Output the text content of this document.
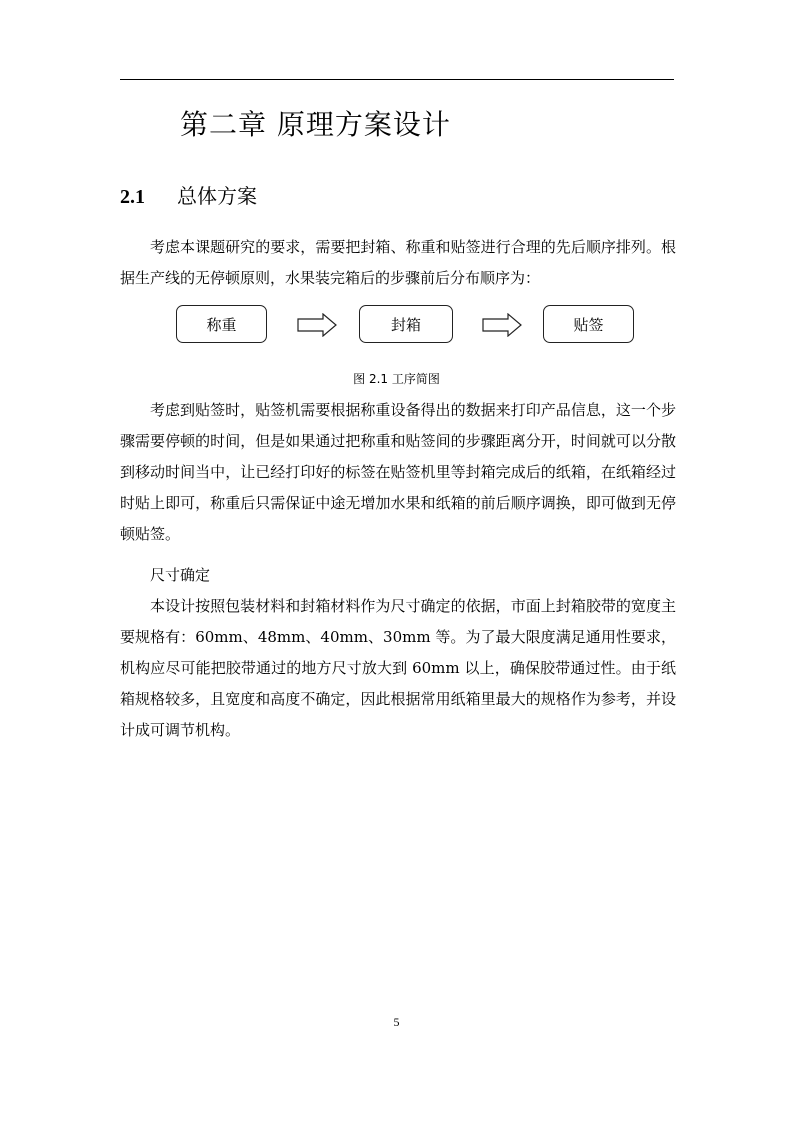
第二章 原理方案设计
2.1 总体方案
考虑本课题研究的要求，需要把封箱、称重和贴签进行合理的先后顺序排列。根据生产线的无停顿原则，水果装完箱后的步骤前后分布顺序为：
称重	封箱	贴签
图 2.1 工序简图
考虑到贴签时，贴签机需要根据称重设备得出的数据来打印产品信息，这一个步骤需要停顿的时间，但是如果通过把称重和贴签间的步骤距离分开，时间就可以分散到移动时间当中，让已经打印好的标签在贴签机里等封箱完成后的纸箱，在纸箱经过时贴上即可，称重后只需保证中途无增加水果和纸箱的前后顺序调换，即可做到无停顿贴签。
尺寸确定
本设计按照包装材料和封箱材料作为尺寸确定的依据，市面上封箱胶带的宽度主要规格有：60mm、48mm、40mm、30mm 等。为了最大限度满足通用性要求，机构应尽可能把胶带通过的地方尺寸放大到 60mm 以上，确保胶带通过性。由于纸箱规格较多，且宽度和高度不确定，因此根据常用纸箱里最大的规格作为参考，并设计成可调节机构。
5
